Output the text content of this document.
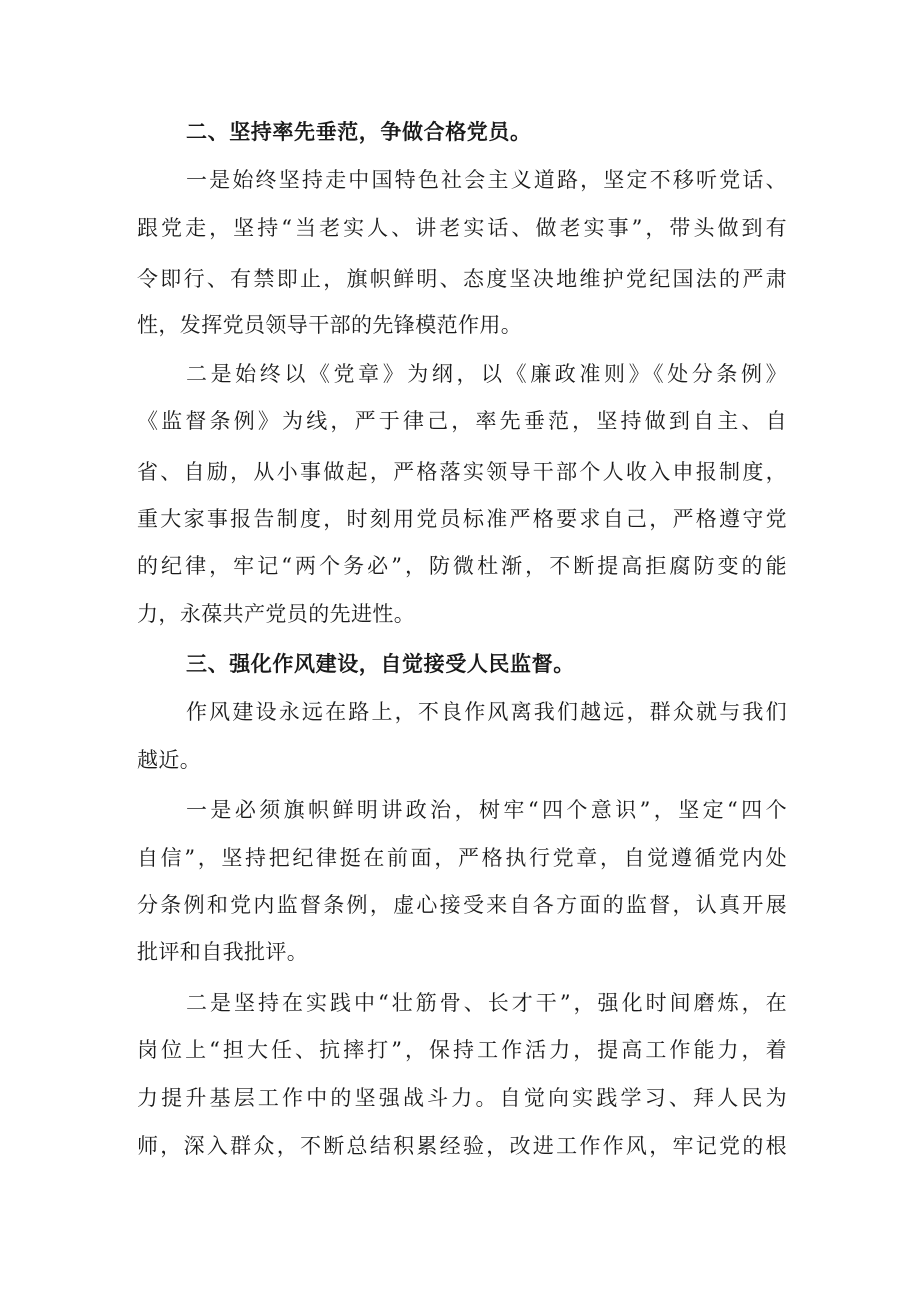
二、坚持率先垂范，争做合格党员。
一是始终坚持走中国特色社会主义道路，坚定不移听党话、
跟党走，坚持“当老实人、讲老实话、做老实事”，带头做到有
令即行、有禁即止，旗帜鲜明、态度坚决地维护党纪国法的严肃
性，发挥党员领导干部的先锋模范作用。
二是始终以《党章》为纲，以《廉政准则》《处分条例》
《监督条例》为线，严于律己，率先垂范，坚持做到自主、自
省、自励，从小事做起，严格落实领导干部个人收入申报制度，
重大家事报告制度，时刻用党员标准严格要求自己，严格遵守党
的纪律，牢记“两个务必”，防微杜渐，不断提高拒腐防变的能
力，永葆共产党员的先进性。
三、强化作风建设，自觉接受人民监督。
作风建设永远在路上，不良作风离我们越远，群众就与我们
越近。
一是必须旗帜鲜明讲政治，树牢“四个意识”，坚定“四个
自信”，坚持把纪律挺在前面，严格执行党章，自觉遵循党内处
分条例和党内监督条例，虚心接受来自各方面的监督，认真开展
批评和自我批评。
二是坚持在实践中“壮筋骨、长才干”，强化时间磨炼，在
岗位上“担大任、抗摔打”，保持工作活力，提高工作能力，着
力提升基层工作中的坚强战斗力。自觉向实践学习、拜人民为
师，深入群众，不断总结积累经验，改进工作作风，牢记党的根
